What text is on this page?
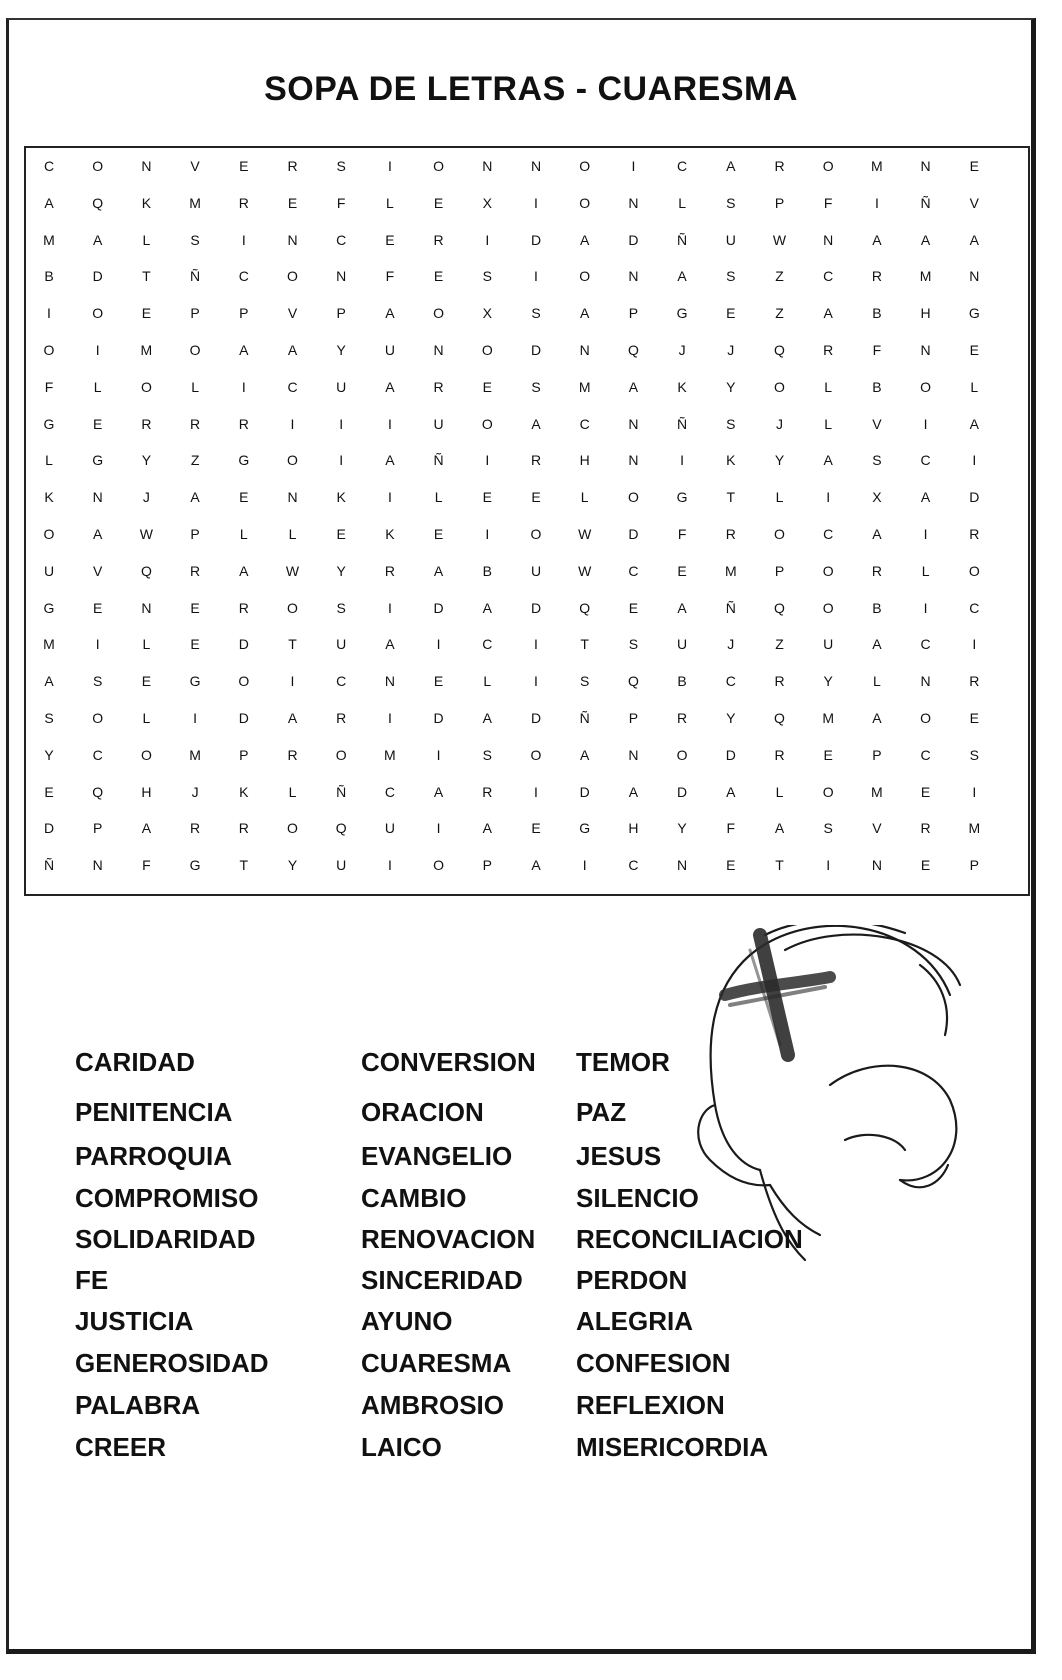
SOPA DE LETRAS - CUARESMA
C	O	N	V	E	R	S	I	O	N	N	O	I	C	A	R	O	M	N	E
A	Q	K	M	R	E	F	L	E	X	I	O	N	L	S	P	F	I	Ñ	V
M	A	L	S	I	N	C	E	R	I	D	A	D	Ñ	U	W	N	A	A	A
B	D	T	Ñ	C	O	N	F	E	S	I	O	N	A	S	Z	C	R	M	N
I	O	E	P	P	V	P	A	O	X	S	A	P	G	E	Z	A	B	H	G
O	I	M	O	A	A	Y	U	N	O	D	N	Q	J	J	Q	R	F	N	E
F	L	O	L	I	C	U	A	R	E	S	M	A	K	Y	O	L	B	O	L
G	E	R	R	R	I	I	I	U	O	A	C	N	Ñ	S	J	L	V	I	A
L	G	Y	Z	G	O	I	A	Ñ	I	R	H	N	I	K	Y	A	S	C	I
K	N	J	A	E	N	K	I	L	E	E	L	O	G	T	L	I	X	A	D
O	A	W	P	L	L	E	K	E	I	O	W	D	F	R	O	C	A	I	R
U	V	Q	R	A	W	Y	R	A	B	U	W	C	E	M	P	O	R	L	O
G	E	N	E	R	O	S	I	D	A	D	Q	E	A	Ñ	Q	O	B	I	C
M	I	L	E	D	T	U	A	I	C	I	T	S	U	J	Z	U	A	C	I
A	S	E	G	O	I	C	N	E	L	I	S	Q	B	C	R	Y	L	N	R
S	O	L	I	D	A	R	I	D	A	D	Ñ	P	R	Y	Q	M	A	O	E
Y	C	O	M	P	R	O	M	I	S	O	A	N	O	D	R	E	P	C	S
E	Q	H	J	K	L	Ñ	C	A	R	I	D	A	D	A	L	O	M	E	I
D	P	A	R	R	O	Q	U	I	A	E	G	H	Y	F	A	S	V	R	M
Ñ	N	F	G	T	Y	U	I	O	P	A	I	C	N	E	T	I	N	E	P
CARIDAD
PENITENCIA
PARROQUIA
COMPROMISO
SOLIDARIDAD
FE
JUSTICIA
GENEROSIDAD
PALABRA
CREER
CONVERSION
ORACION
EVANGELIO
CAMBIO
RENOVACION
SINCERIDAD
AYUNO
CUARESMA
AMBROSIO
LAICO
TEMOR
PAZ
JESUS
SILENCIO
RECONCILIACION
PERDON
ALEGRIA
CONFESION
REFLEXION
MISERICORDIA
